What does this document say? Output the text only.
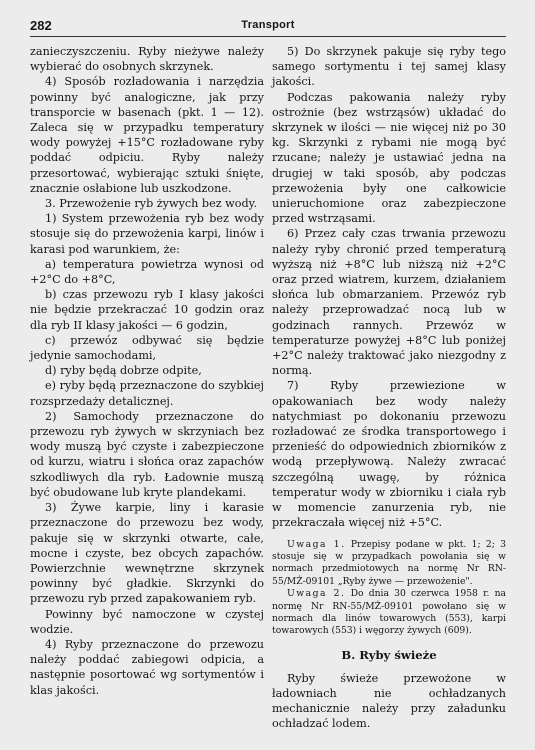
282	Transport

zanieczyszczeniu. Ryby nieżywe należy wybierać do osobnych skrzynek.

4) Sposób rozładowania i narzędzia powinny być analogiczne, jak przy transporcie w basenach (pkt. 1 — 12). Zaleca się w przypadku temperatury wody powyżej +15°C rozładowane ryby poddać odpiciu. Ryby należy przesortować, wybierając sztuki śnięte, znacznie osłabione lub uszkodzone.

3. Przewożenie ryb żywych bez wody.

1) System przewożenia ryb bez wody stosuje się do przewożenia karpi, linów i karasi pod warunkiem, że:

a) temperatura powietrza wynosi od +2°C do +8°C,

b) czas przewozu ryb I klasy jakości nie będzie przekraczać 10 godzin oraz dla ryb II klasy jakości — 6 godzin,

c) przewóz odbywać się będzie jedynie samochodami,

d) ryby będą dobrze odpite,

e) ryby będą przeznaczone do szybkiej rozsprzedaży detalicznej.

2) Samochody przeznaczone do przewozu ryb żywych w skrzyniach bez wody muszą być czyste i zabezpieczone od kurzu, wiatru i słońca oraz zapachów szkodliwych dla ryb. Ładownie muszą być obudowane lub kryte plandekami.

3) Żywe karpie, liny i karasie przeznaczone do przewozu bez wody, pakuje się w skrzynki otwarte, całe, mocne i czyste, bez obcych zapachów. Powierzchnie wewnętrzne skrzynek powinny być gładkie. Skrzynki do przewozu ryb przed zapakowaniem ryb.

Powinny być namoczone w czystej wodzie.

4) Ryby przeznaczone do przewozu należy poddać zabiegowi odpicia, a następnie posortować wg sortymentów i klas jakości.

5) Do skrzynek pakuje się ryby tego samego sortymentu i tej samej klasy jakości.

Podczas pakowania należy ryby ostrożnie (bez wstrząsów) układać do skrzynek w ilości — nie więcej niż po 30 kg. Skrzynki z rybami nie mogą być rzucane; należy je ustawiać jedna na drugiej w taki sposób, aby podczas przewożenia były one całkowicie unieruchomione oraz zabezpieczone przed wstrząsami.

6) Przez cały czas trwania przewozu należy ryby chronić przed temperaturą wyższą niż +8°C lub niższą niż +2°C oraz przed wiatrem, kurzem, działaniem słońca lub obmarzaniem. Przewóz ryb należy przeprowadzać nocą lub w godzinach rannych. Przewóz w temperaturze powyżej +8°C lub poniżej +2°C należy traktować jako niezgodny z normą.

7) Ryby przewiezione w opakowaniach bez wody należy natychmiast po dokonaniu przewozu rozładować ze środka transportowego i przenieść do odpowiednich zbiorników z wodą przepływową. Należy zwracać szczególną uwagę, by różnica temperatur wody w zbiorniku i ciała ryb w momencie zanurzenia ryb, nie przekraczała więcej niż +5°C.

Uwaga 1. Przepisy podane w pkt. 1; 2; 3 stosuje się w przypadkach powołania się w normach przedmiotowych na normę Nr RN-55/MŻ-09101 „Ryby żywe — przewożenie".

Uwaga 2. Do dnia 30 czerwca 1958 r. na normę Nr RN-55/MŻ-09101 powołano się w normach dla linów towarowych (553), karpi towarowych (553) i węgorzy żywych (609).

B. Ryby świeże

Ryby świeże przewożone w ładowniach nie ochładzanych mechanicznie należy przy załadunku ochładzać lodem.
